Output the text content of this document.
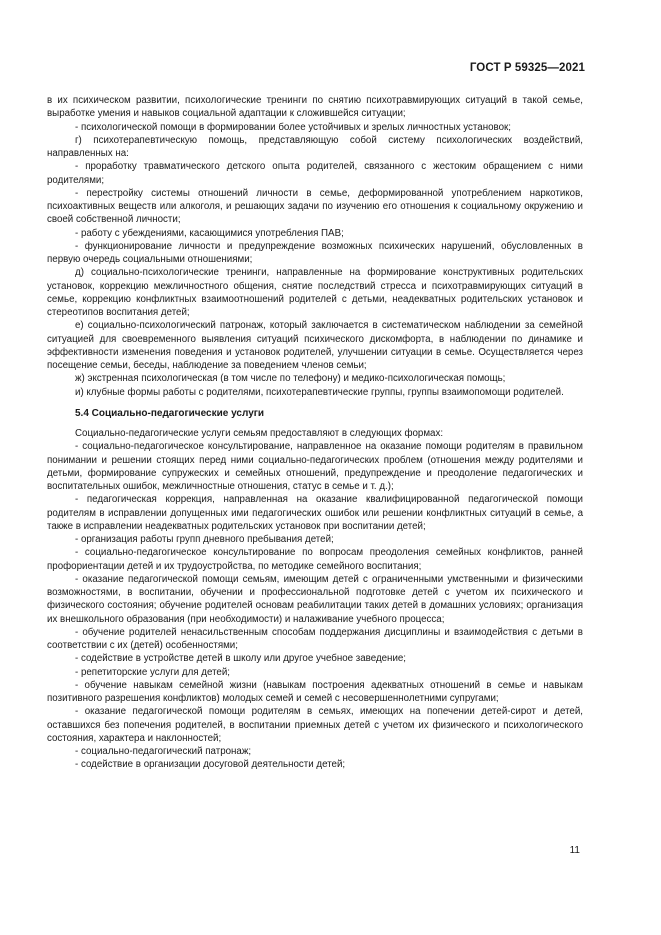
ГОСТ Р 59325—2021

в их психическом развитии, психологические тренинги по снятию психотравмирующих ситуаций в такой семье, выработке умения и навыков социальной адаптации к сложившейся ситуации;

- психологической помощи в формировании более устойчивых и зрелых личностных установок;

г) психотерапевтическую помощь, представляющую собой систему психологических воздействий, направленных на:

- проработку травматического детского опыта родителей, связанного с жестоким обращением с ними родителями;

- перестройку системы отношений личности в семье, деформированной употреблением наркотиков, психоактивных веществ или алкоголя, и решающих задачи по изучению его отношения к социальному окружению и своей собственной личности;

- работу с убеждениями, касающимися употребления ПАВ;

- функционирование личности и предупреждение возможных психических нарушений, обусловленных в первую очередь социальными отношениями;

д) социально-психологические тренинги, направленные на формирование конструктивных родительских установок, коррекцию межличностного общения, снятие последствий стресса и психотравмирующих ситуаций в семье, коррекцию конфликтных взаимоотношений родителей с детьми, неадекватных родительских установок и стереотипов воспитания детей;

е) социально-психологический патронаж, который заключается в систематическом наблюдении за семейной ситуацией для своевременного выявления ситуаций психического дискомфорта, в наблюдении по динамике и эффективности изменения поведения и установок родителей, улучшении ситуации в семье. Осуществляется через посещение семьи, беседы, наблюдение за поведением членов семьи;

ж) экстренная психологическая (в том числе по телефону) и медико-психологическая помощь;

и) клубные формы работы с родителями, психотерапевтические группы, группы взаимопомощи родителей.

5.4 Социально-педагогические услуги

Социально-педагогические услуги семьям предоставляют в следующих формах:

- социально-педагогическое консультирование, направленное на оказание помощи родителям в правильном понимании и решении стоящих перед ними социально-педагогических проблем (отношения между родителями и детьми, формирование супружеских и семейных отношений, предупреждение и преодоление педагогических и воспитательных ошибок, межличностные отношения, статус в семье и т. д.);

- педагогическая коррекция, направленная на оказание квалифицированной педагогической помощи родителям в исправлении допущенных ими педагогических ошибок или решении конфликтных ситуаций в семье, а также в исправлении неадекватных родительских установок при воспитании детей;

- организация работы групп дневного пребывания детей;

- социально-педагогическое консультирование по вопросам преодоления семейных конфликтов, ранней профориентации детей и их трудоустройства, по методике семейного воспитания;

- оказание педагогической помощи семьям, имеющим детей с ограниченными умственными и физическими возможностями, в воспитании, обучении и профессиональной подготовке детей с учетом их психического и физического состояния; обучение родителей основам реабилитации таких детей в домашних условиях; организация их внешкольного образования (при необходимости) и налаживание учебного процесса;

- обучение родителей ненасильственным способам поддержания дисциплины и взаимодействия с детьми в соответствии с их (детей) особенностями;

- содействие в устройстве детей в школу или другое учебное заведение;

- репетиторские услуги для детей;

- обучение навыкам семейной жизни (навыкам построения адекватных отношений в семье и навыкам позитивного разрешения конфликтов) молодых семей и семей с несовершеннолетними супругами;

- оказание педагогической помощи родителям в семьях, имеющих на попечении детей-сирот и детей, оставшихся без попечения родителей, в воспитании приемных детей с учетом их физического и психологического состояния, характера и наклонностей;

- социально-педагогический патронаж;

- содействие в организации досуговой деятельности детей;

11
